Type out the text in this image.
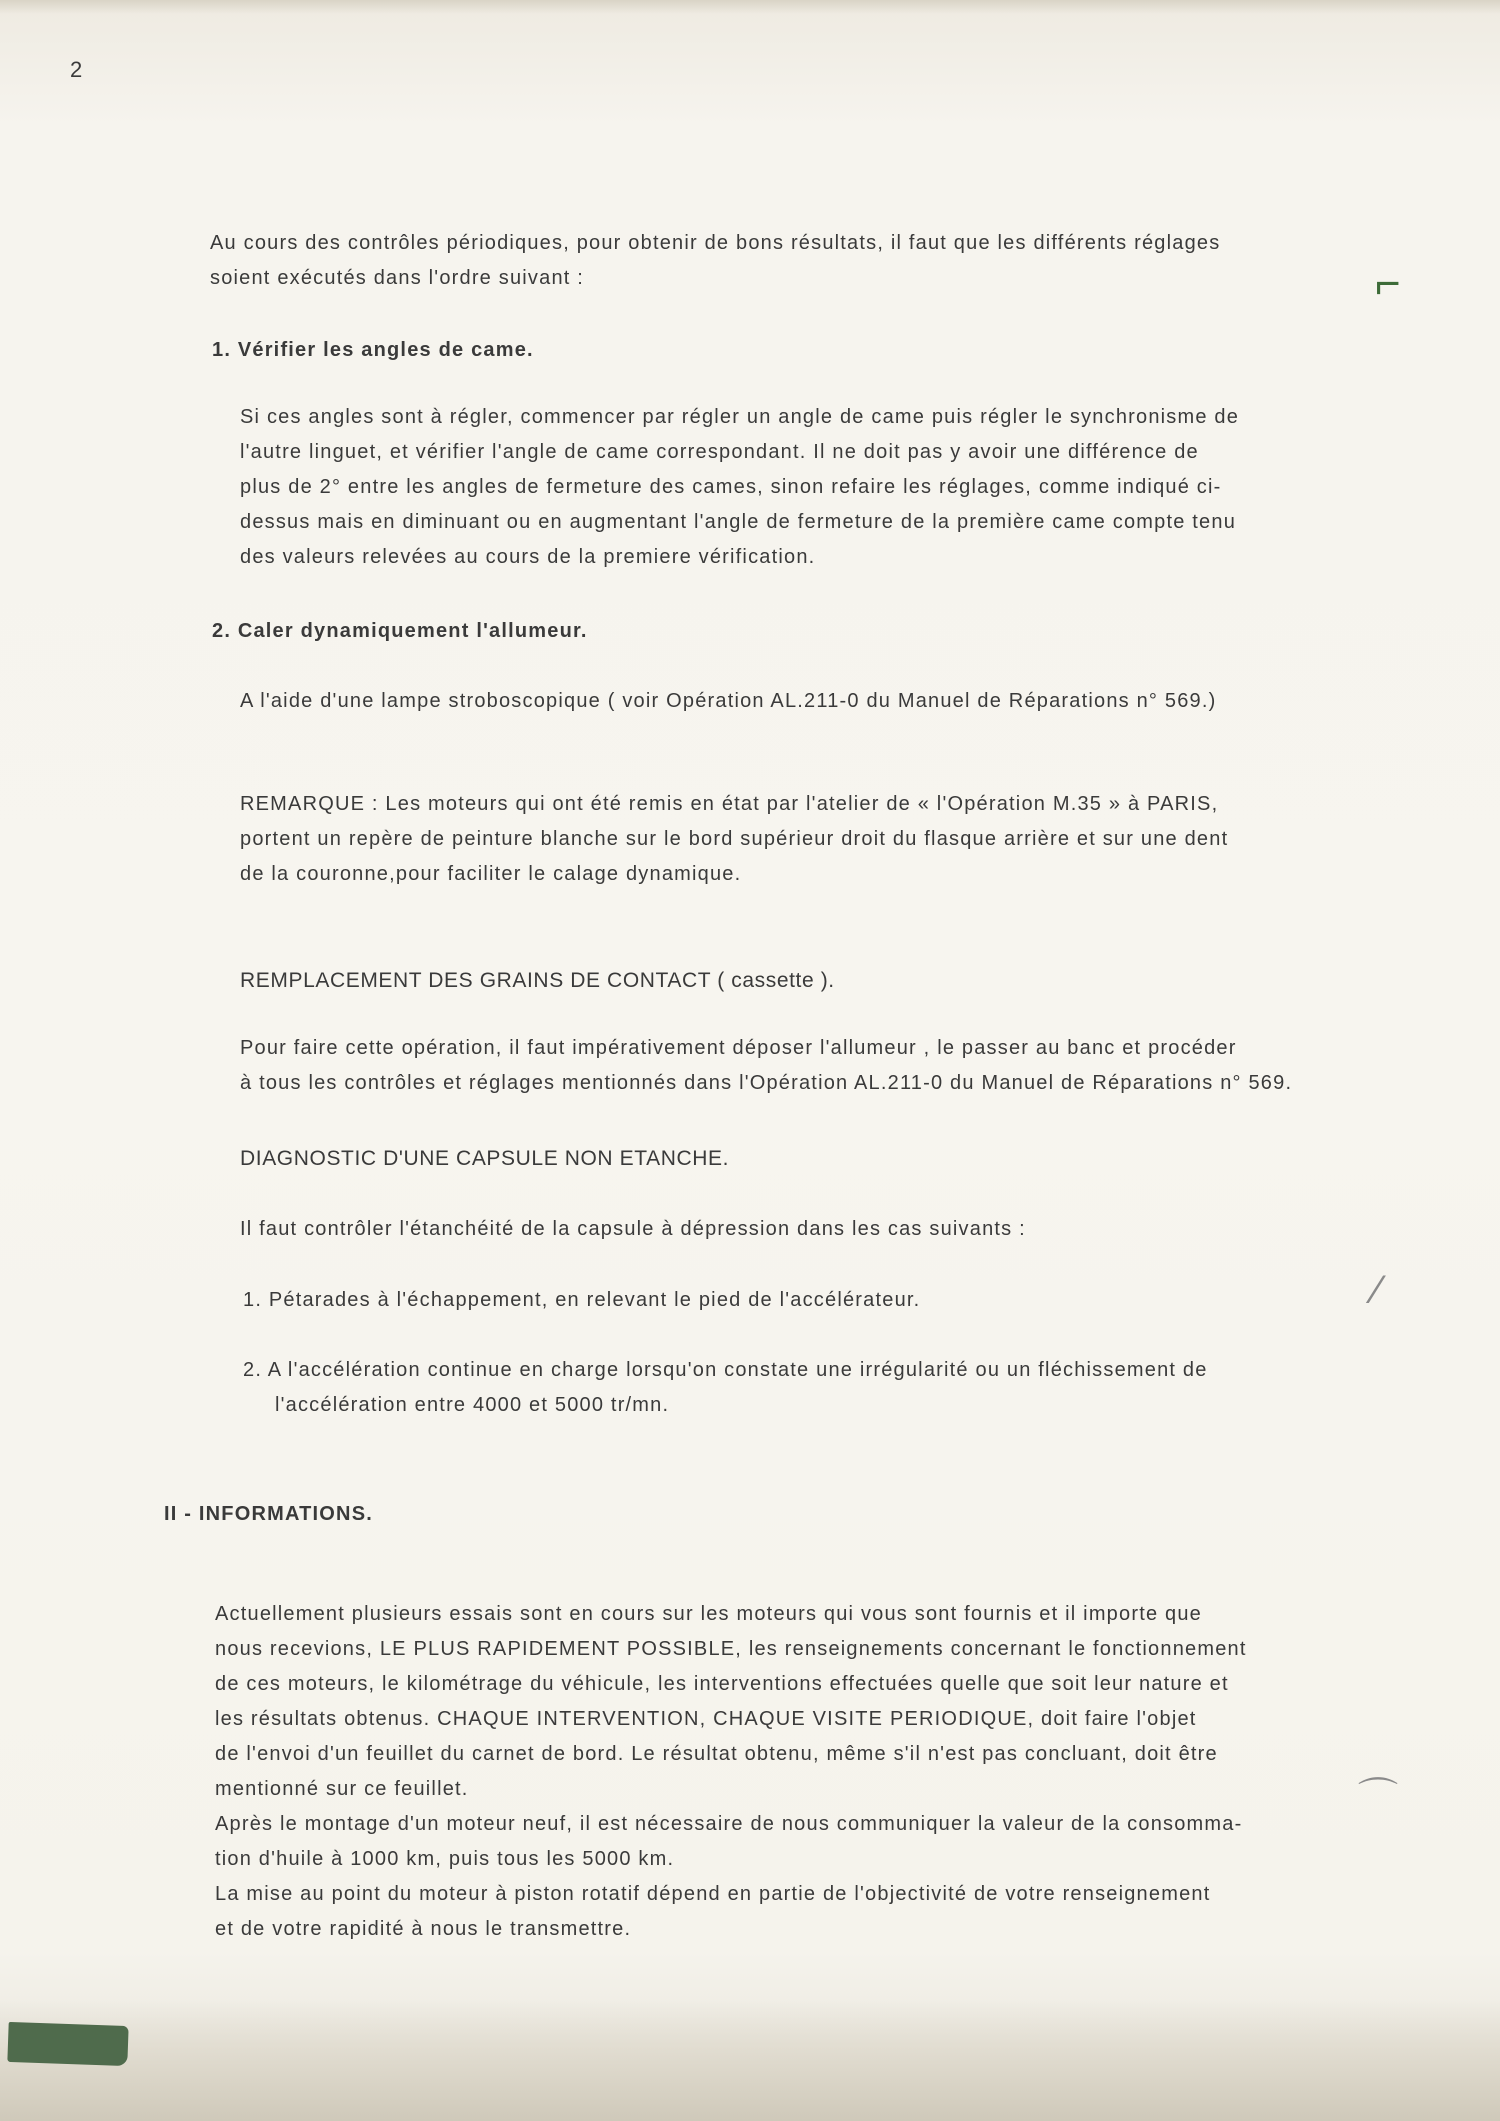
⌐
⁄
⌒
2
Au cours des contrôles périodiques, pour obtenir de bons résultats, il faut que les différents réglages
soient exécutés dans l'ordre suivant :
1. Vérifier les angles de came.
Si ces angles sont à régler, commencer par régler un angle de came puis régler le synchronisme de
l'autre linguet, et vérifier l'angle de came correspondant. Il ne doit pas y avoir une différence de
plus de 2° entre les angles de fermeture des cames, sinon refaire les réglages, comme indiqué ci-
dessus mais en diminuant ou en augmentant l'angle de fermeture de la première came compte tenu
des valeurs relevées au cours de la premiere vérification.
2. Caler dynamiquement l'allumeur.
A l'aide d'une lampe stroboscopique ( voir Opération AL.211-0 du Manuel de Réparations n° 569.)
REMARQUE : Les moteurs qui ont été remis en état par l'atelier de « l'Opération M.35 » à PARIS,
portent un repère de peinture blanche sur le bord supérieur droit du flasque arrière et sur une dent
de la couronne,pour faciliter le calage dynamique.
REMPLACEMENT DES GRAINS DE CONTACT ( cassette ).
Pour faire cette opération, il faut impérativement déposer l'allumeur , le passer au banc et procéder
à tous les contrôles et réglages mentionnés dans l'Opération AL.211-0 du Manuel de Réparations n° 569.
DIAGNOSTIC D'UNE CAPSULE NON ETANCHE.
Il faut contrôler l'étanchéité de la capsule à dépression dans les cas suivants :
1. Pétarades à l'échappement, en relevant le pied de l'accélérateur.
2. A l'accélération continue en charge lorsqu'on constate une irrégularité ou un fléchissement de
l'accélération entre 4000 et 5000 tr/mn.
II - INFORMATIONS.
Actuellement plusieurs essais sont en cours sur les moteurs qui vous sont fournis et il importe que
nous recevions, LE PLUS RAPIDEMENT POSSIBLE, les renseignements concernant le fonctionnement
de ces moteurs, le kilométrage du véhicule, les interventions effectuées quelle que soit leur nature et
les résultats obtenus. CHAQUE INTERVENTION, CHAQUE VISITE PERIODIQUE, doit faire l'objet
de l'envoi d'un feuillet du carnet de bord. Le résultat obtenu, même s'il n'est pas concluant, doit être
mentionné sur ce feuillet.
Après le montage d'un moteur neuf, il est nécessaire de nous communiquer la valeur de la consomma-
tion d'huile à 1000 km, puis tous les 5000 km.
La mise au point du moteur à piston rotatif dépend en partie de l'objectivité de votre renseignement
et de votre rapidité à nous le transmettre.
